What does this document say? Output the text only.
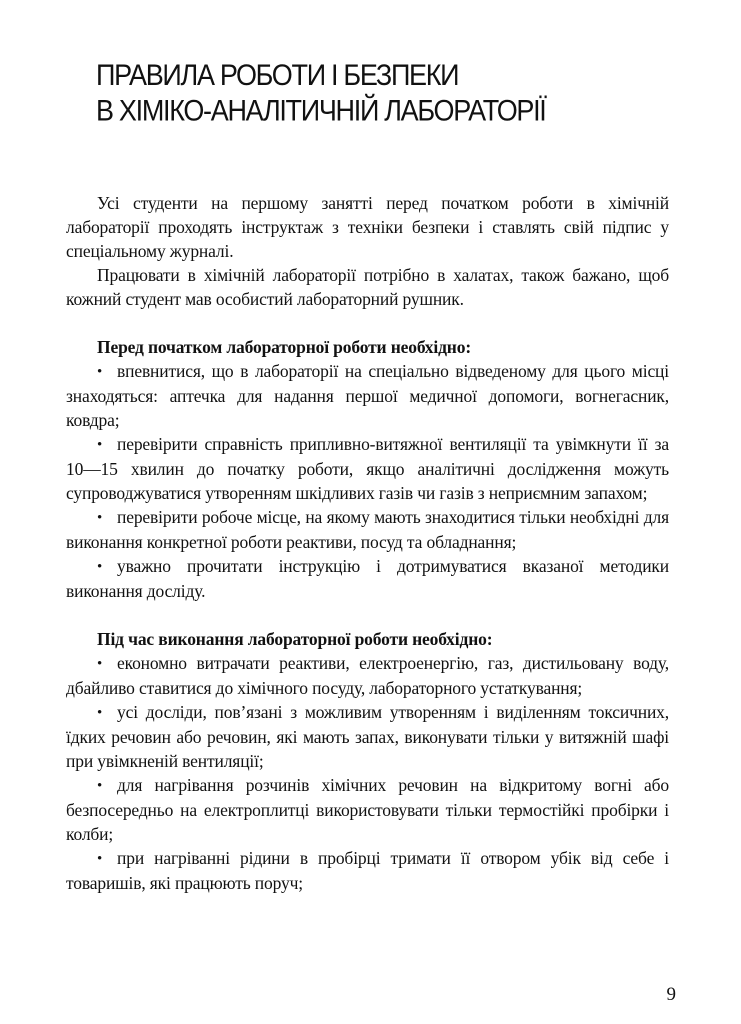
ПРАВИЛА РОБОТИ І БЕЗПЕКИ
В ХІМІКО-АНАЛІТИЧНІЙ ЛАБОРАТОРІЇ

Усі студенти на першому занятті перед початком роботи в хімічній лабораторії проходять інструктаж з техніки безпеки і ставлять свій підпис у спеціальному журналі.

Працювати в хімічній лабораторії потрібно в халатах, також бажано, щоб кожний студент мав особистий лабораторний рушник.

Перед початком лабораторної роботи необхідно:

• впевнитися, що в лабораторії на спеціально відведеному для цього місці знаходяться: аптечка для надання першої медичної допомоги, вогнегасник, ковдра;

• перевірити справність припливно-витяжної вентиляції та увімкнути її за 10—15 хвилин до початку роботи, якщо аналітичні дослідження можуть супроводжуватися утворенням шкідливих газів чи газів з неприємним запахом;

• перевірити робоче місце, на якому мають знаходитися тільки необхідні для виконання конкретної роботи реактиви, посуд та обладнання;

• уважно прочитати інструкцію і дотримуватися вказаної методики виконання досліду.

Під час виконання лабораторної роботи необхідно:

• економно витрачати реактиви, електроенергію, газ, дистильовану воду, дбайливо ставитися до хімічного посуду, лабораторного устаткування;

• усі досліди, пов’язані з можливим утворенням і виділенням токсичних, їдких речовин або речовин, які мають запах, виконувати тільки у витяжній шафі при увімкненій вентиляції;

• для нагрівання розчинів хімічних речовин на відкритому вогні або безпосередньо на електроплитці використовувати тільки термостійкі пробірки і колби;

• при нагріванні рідини в пробірці тримати її отвором убік від себе і товаришів, які працюють поруч;

9
